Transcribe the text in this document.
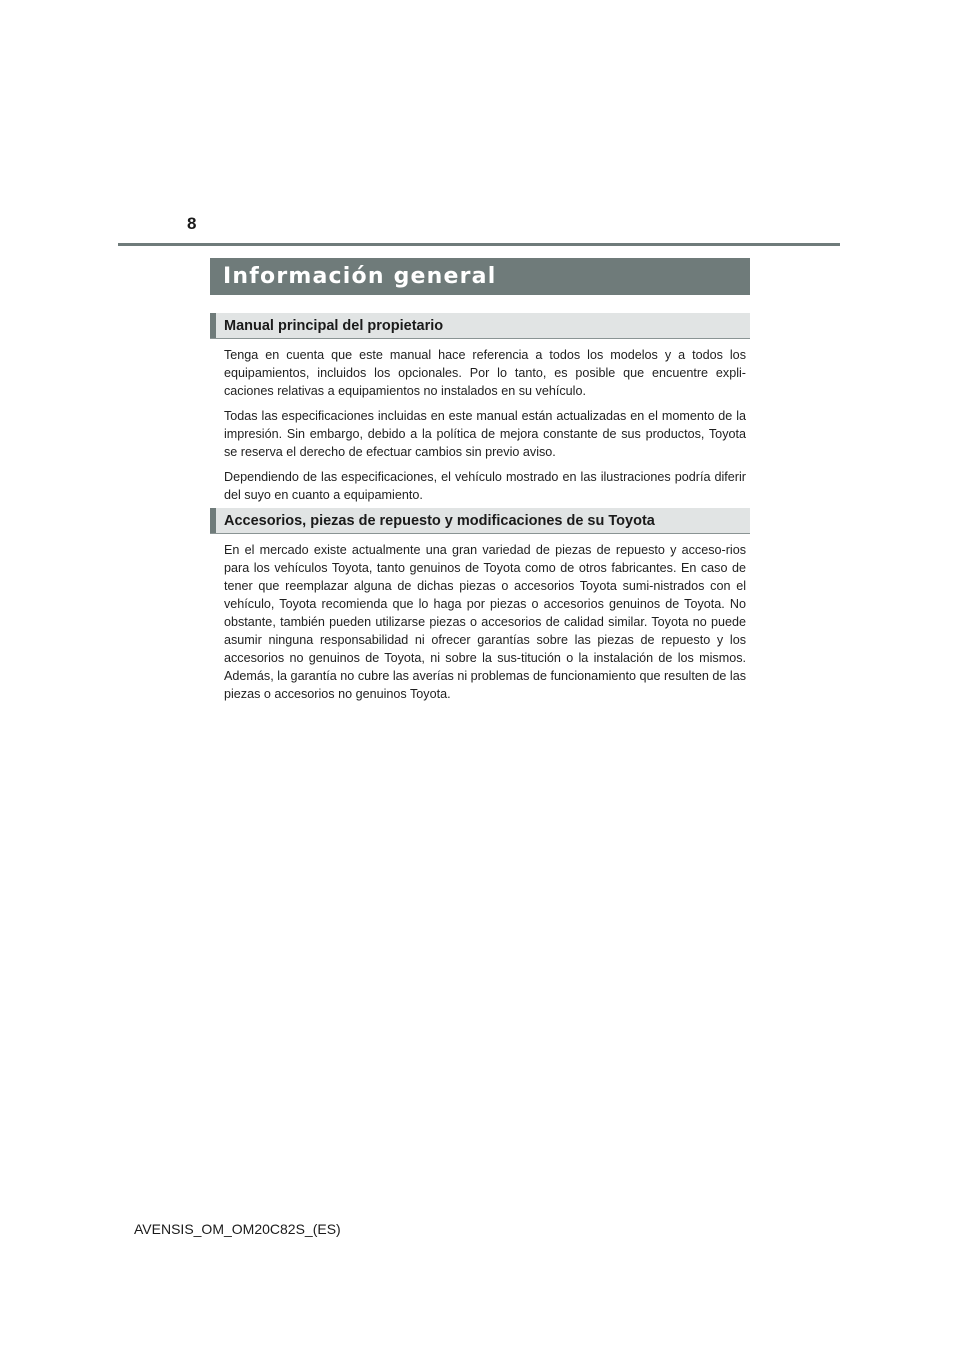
8
Información general
Manual principal del propietario

Tenga en cuenta que este manual hace referencia a todos los modelos y a todos los equipamientos, incluidos los opcionales. Por lo tanto, es posible que encuentre expli-caciones relativas a equipamientos no instalados en su vehículo.

Todas las especificaciones incluidas en este manual están actualizadas en el momento de la impresión. Sin embargo, debido a la política de mejora constante de sus productos, Toyota se reserva el derecho de efectuar cambios sin previo aviso.

Dependiendo de las especificaciones, el vehículo mostrado en las ilustraciones podría diferir del suyo en cuanto a equipamiento.

Accesorios, piezas de repuesto y modificaciones de su Toyota

En el mercado existe actualmente una gran variedad de piezas de repuesto y acceso-rios para los vehículos Toyota, tanto genuinos de Toyota como de otros fabricantes. En caso de tener que reemplazar alguna de dichas piezas o accesorios Toyota sumi-nistrados con el vehículo, Toyota recomienda que lo haga por piezas o accesorios genuinos de Toyota. No obstante, también pueden utilizarse piezas o accesorios de calidad similar. Toyota no puede asumir ninguna responsabilidad ni ofrecer garantías sobre las piezas de repuesto y los accesorios no genuinos de Toyota, ni sobre la sus-titución o la instalación de los mismos. Además, la garantía no cubre las averías ni problemas de funcionamiento que resulten de las piezas o accesorios no genuinos Toyota.

AVENSIS_OM_OM20C82S_(ES)
